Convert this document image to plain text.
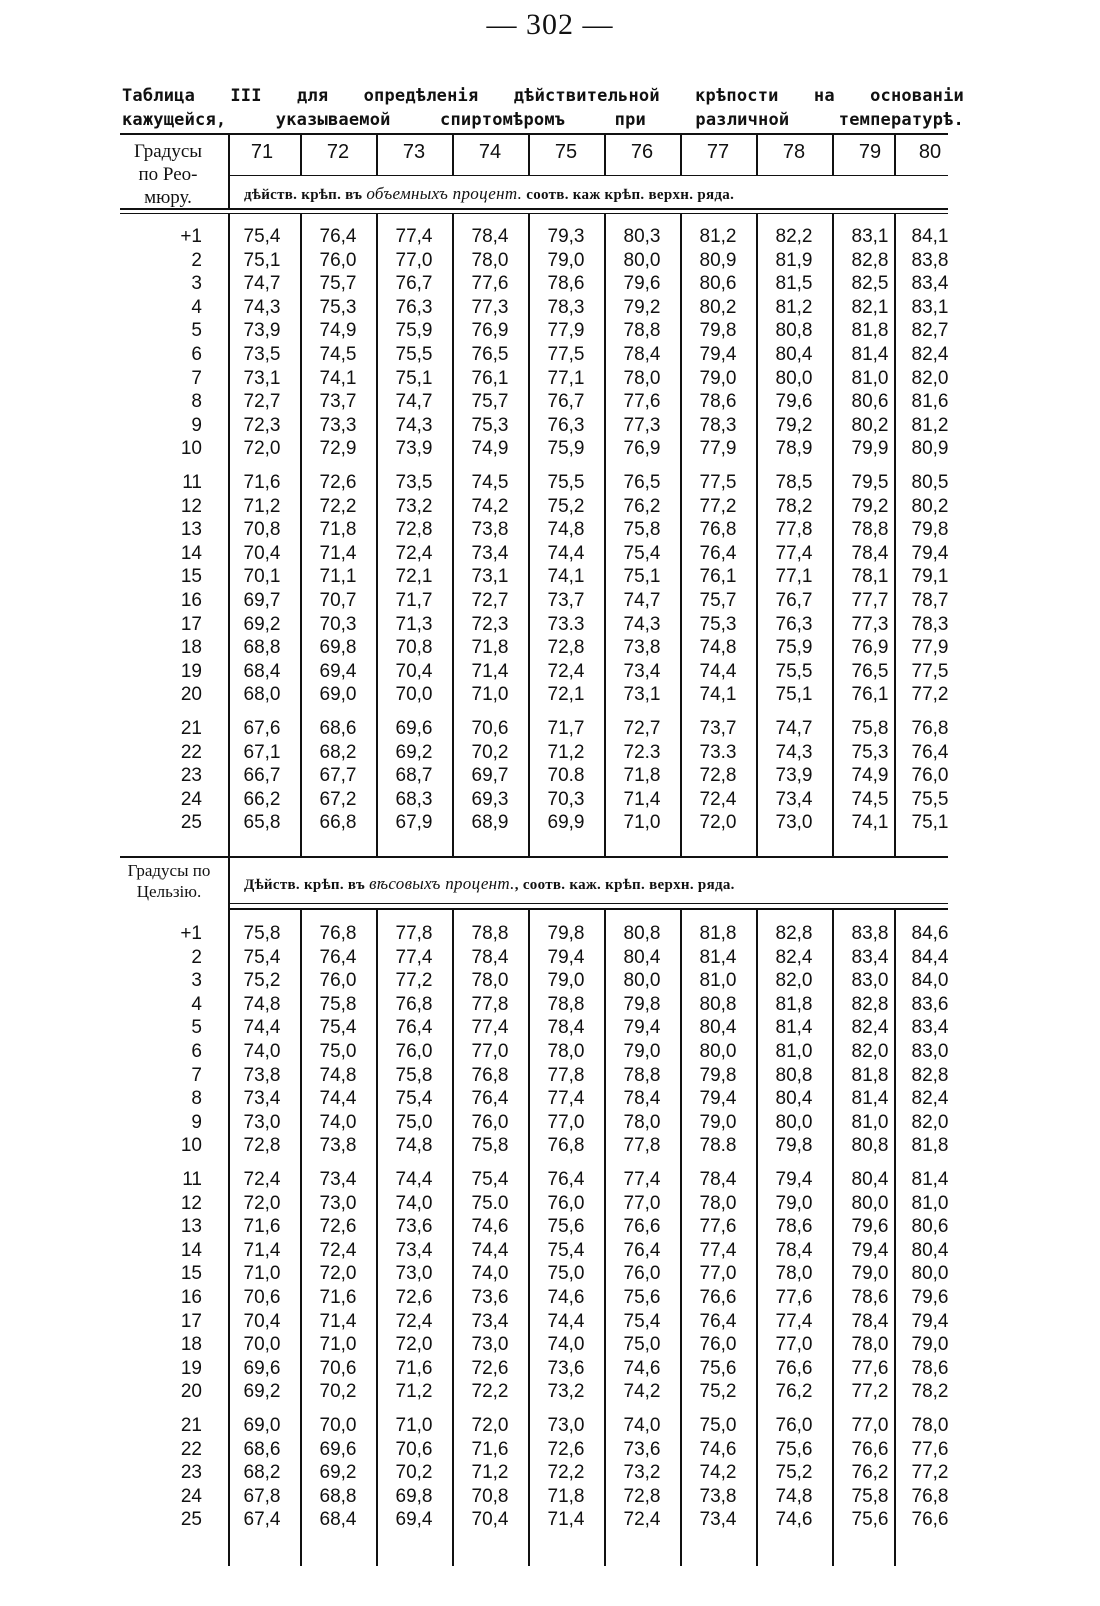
— 302 —
Таблица III для опредѣленія дѣйствительной крѣпости на основаніи
кажущейся, указываемой спиртомѣромъ при различной температурѣ.
71	72	73	74	75	76	77	78	79	80
Градусы
по Рео-
мюру.	дѣйств. крѣп. въ объемныхъ процент. соотв. каж крѣп. верхн. ряда.
+1	75,4	76,4	77,4	78,4	79,3	80,3	81,2	82,2	83,1	84,1
2	75,1	76,0	77,0	78,0	79,0	80,0	80,9	81,9	82,8	83,8
3	74,7	75,7	76,7	77,6	78,6	79,6	80,6	81,5	82,5	83,4
4	74,3	75,3	76,3	77,3	78,3	79,2	80,2	81,2	82,1	83,1
5	73,9	74,9	75,9	76,9	77,9	78,8	79,8	80,8	81,8	82,7
6	73,5	74,5	75,5	76,5	77,5	78,4	79,4	80,4	81,4	82,4
7	73,1	74,1	75,1	76,1	77,1	78,0	79,0	80,0	81,0	82,0
8	72,7	73,7	74,7	75,7	76,7	77,6	78,6	79,6	80,6	81,6
9	72,3	73,3	74,3	75,3	76,3	77,3	78,3	79,2	80,2	81,2
10	72,0	72,9	73,9	74,9	75,9	76,9	77,9	78,9	79,9	80,9
11	71,6	72,6	73,5	74,5	75,5	76,5	77,5	78,5	79,5	80,5
12	71,2	72,2	73,2	74,2	75,2	76,2	77,2	78,2	79,2	80,2
13	70,8	71,8	72,8	73,8	74,8	75,8	76,8	77,8	78,8	79,8
14	70,4	71,4	72,4	73,4	74,4	75,4	76,4	77,4	78,4	79,4
15	70,1	71,1	72,1	73,1	74,1	75,1	76,1	77,1	78,1	79,1
16	69,7	70,7	71,7	72,7	73,7	74,7	75,7	76,7	77,7	78,7
17	69,2	70,3	71,3	72,3	73.3	74,3	75,3	76,3	77,3	78,3
18	68,8	69,8	70,8	71,8	72,8	73,8	74,8	75,9	76,9	77,9
19	68,4	69,4	70,4	71,4	72,4	73,4	74,4	75,5	76,5	77,5
20	68,0	69,0	70,0	71,0	72,1	73,1	74,1	75,1	76,1	77,2
21	67,6	68,6	69,6	70,6	71,7	72,7	73,7	74,7	75,8	76,8
22	67,1	68,2	69,2	70,2	71,2	72.3	73.3	74,3	75,3	76,4
23	66,7	67,7	68,7	69,7	70.8	71,8	72,8	73,9	74,9	76,0
24	66,2	67,2	68,3	69,3	70,3	71,4	72,4	73,4	74,5	75,5
25	65,8	66,8	67,9	68,9	69,9	71,0	72,0	73,0	74,1	75,1
Градусы по
Цельзію.	Дѣйств. крѣп. въ вѣсовыхъ процент., соотв. каж. крѣп. верхн. ряда.
+1	75,8	76,8	77,8	78,8	79,8	80,8	81,8	82,8	83,8	84,6
2	75,4	76,4	77,4	78,4	79,4	80,4	81,4	82,4	83,4	84,4
3	75,2	76,0	77,2	78,0	79,0	80,0	81,0	82,0	83,0	84,0
4	74,8	75,8	76,8	77,8	78,8	79,8	80,8	81,8	82,8	83,6
5	74,4	75,4	76,4	77,4	78,4	79,4	80,4	81,4	82,4	83,4
6	74,0	75,0	76,0	77,0	78,0	79,0	80,0	81,0	82,0	83,0
7	73,8	74,8	75,8	76,8	77,8	78,8	79,8	80,8	81,8	82,8
8	73,4	74,4	75,4	76,4	77,4	78,4	79,4	80,4	81,4	82,4
9	73,0	74,0	75,0	76,0	77,0	78,0	79,0	80,0	81,0	82,0
10	72,8	73,8	74,8	75,8	76,8	77,8	78.8	79,8	80,8	81,8
11	72,4	73,4	74,4	75,4	76,4	77,4	78,4	79,4	80,4	81,4
12	72,0	73,0	74,0	75.0	76,0	77,0	78,0	79,0	80,0	81,0
13	71,6	72,6	73,6	74,6	75,6	76,6	77,6	78,6	79,6	80,6
14	71,4	72,4	73,4	74,4	75,4	76,4	77,4	78,4	79,4	80,4
15	71,0	72,0	73,0	74,0	75,0	76,0	77,0	78,0	79,0	80,0
16	70,6	71,6	72,6	73,6	74,6	75,6	76,6	77,6	78,6	79,6
17	70,4	71,4	72,4	73,4	74,4	75,4	76,4	77,4	78,4	79,4
18	70,0	71,0	72,0	73,0	74,0	75,0	76,0	77,0	78,0	79,0
19	69,6	70,6	71,6	72,6	73,6	74,6	75,6	76,6	77,6	78,6
20	69,2	70,2	71,2	72,2	73,2	74,2	75,2	76,2	77,2	78,2
21	69,0	70,0	71,0	72,0	73,0	74,0	75,0	76,0	77,0	78,0
22	68,6	69,6	70,6	71,6	72,6	73,6	74,6	75,6	76,6	77,6
23	68,2	69,2	70,2	71,2	72,2	73,2	74,2	75,2	76,2	77,2
24	67,8	68,8	69,8	70,8	71,8	72,8	73,8	74,8	75,8	76,8
25	67,4	68,4	69,4	70,4	71,4	72,4	73,4	74,6	75,6	76,6
